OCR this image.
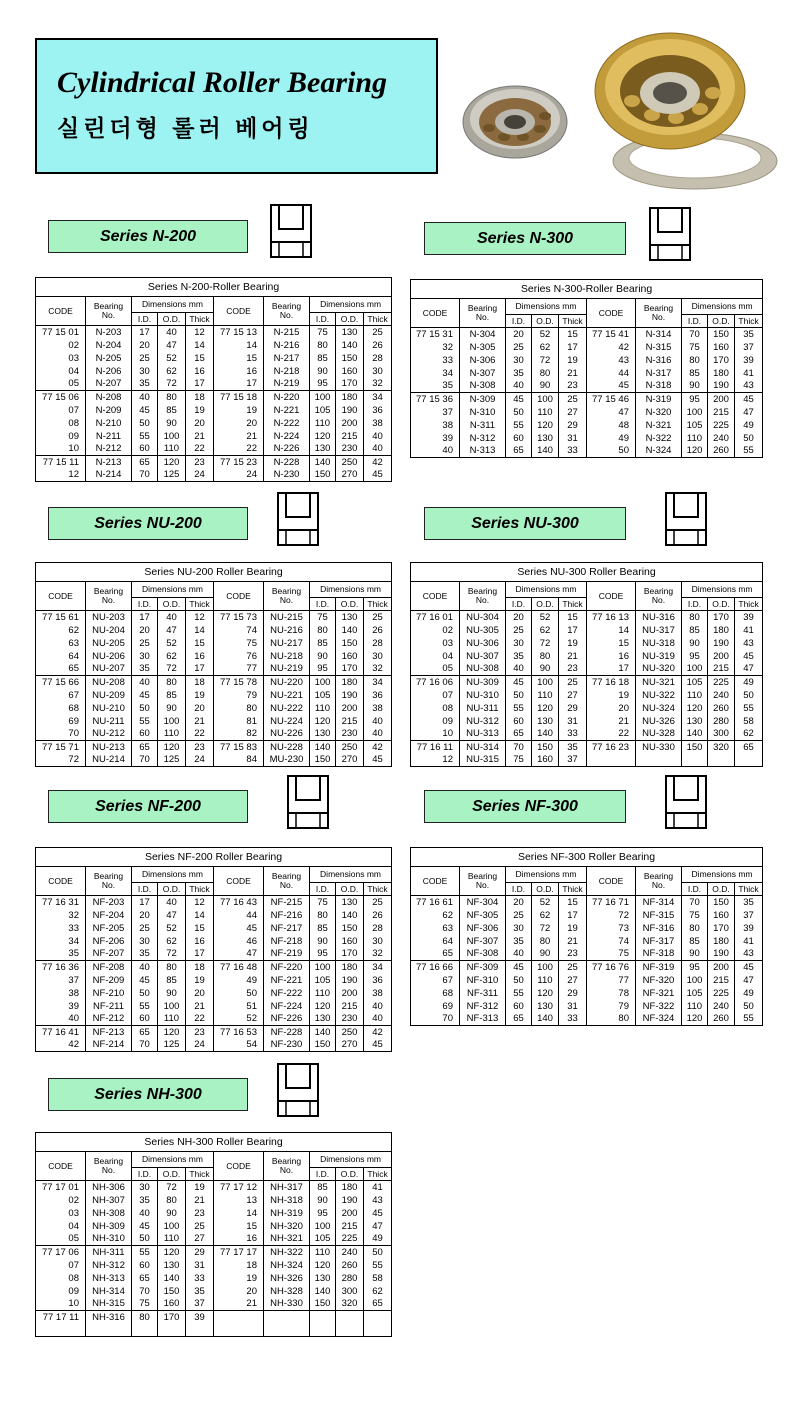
Cylindrical Roller Bearing
실린더형 롤러 베어링
Series N-200	Series N-300
Series NU-200	Series NU-300
Series NF-200	Series NF-300
Series NH-300
Series N-200-Roller Bearing									
CODE	Bearing
No.	Dimensions mm			CODE	Bearing
No.	Dimensions mm		
		I.D.	O.D.	Thick			I.D.	O.D.	Thick
77 15 01	N-203	17	40	12	77 15 13	N-215	75	130	25
02	N-204	20	47	14	14	N-216	80	140	26
03	N-205	25	52	15	15	N-217	85	150	28
04	N-206	30	62	16	16	N-218	90	160	30
05	N-207	35	72	17	17	N-219	95	170	32
77 15 06	N-208	40	80	18	77 15 18	N-220	100	180	34
07	N-209	45	85	19	19	N-221	105	190	36
08	N-210	50	90	20	20	N-222	110	200	38
09	N-211	55	100	21	21	N-224	120	215	40
10	N-212	60	110	22	22	N-226	130	230	40
77 15 11	N-213	65	120	23	77 15 23	N-228	140	250	42
12	N-214	70	125	24	24	N-230	150	270	45
Series N-300-Roller Bearing									
CODE	Bearing
No.	Dimensions mm			CODE	Bearing
No.	Dimensions mm		
		I.D.	O.D.	Thick			I.D.	O.D.	Thick
77 15 31	N-304	20	52	15	77 15 41	N-314	70	150	35
32	N-305	25	62	17	42	N-315	75	160	37
33	N-306	30	72	19	43	N-316	80	170	39
34	N-307	35	80	21	44	N-317	85	180	41
35	N-308	40	90	23	45	N-318	90	190	43
77 15 36	N-309	45	100	25	77 15 46	N-319	95	200	45
37	N-310	50	110	27	47	N-320	100	215	47
38	N-311	55	120	29	48	N-321	105	225	49
39	N-312	60	130	31	49	N-322	110	240	50
40	N-313	65	140	33	50	N-324	120	260	55
Series NU-200 Roller Bearing									
CODE	Bearing
No.	Dimensions mm			CODE	Bearing
No.	Dimensions mm		
		I.D.	O.D.	Thick			I.D.	O.D.	Thick
77 15 61	NU-203	17	40	12	77 15 73	NU-215	75	130	25
62	NU-204	20	47	14	74	NU-216	80	140	26
63	NU-205	25	52	15	75	NU-217	85	150	28
64	NU-206	30	62	16	76	NU-218	90	160	30
65	NU-207	35	72	17	77	NU-219	95	170	32
77 15 66	NU-208	40	80	18	77 15 78	NU-220	100	180	34
67	NU-209	45	85	19	79	NU-221	105	190	36
68	NU-210	50	90	20	80	NU-222	110	200	38
69	NU-211	55	100	21	81	NU-224	120	215	40
70	NU-212	60	110	22	82	NU-226	130	230	40
77 15 71	NU-213	65	120	23	77 15 83	NU-228	140	250	42
72	NU-214	70	125	24	84	MU-230	150	270	45
Series NU-300 Roller Bearing									
CODE	Bearing
No.	Dimensions mm			CODE	Bearing
No.	Dimensions mm		
		I.D.	O.D.	Thick			I.D.	O.D.	Thick
77 16 01	NU-304	20	52	15	77 16 13	NU-316	80	170	39
02	NU-305	25	62	17	14	NU-317	85	180	41
03	NU-306	30	72	19	15	NU-318	90	190	43
04	NU-307	35	80	21	16	NU-319	95	200	45
05	NU-308	40	90	23	17	NU-320	100	215	47
77 16 06	NU-309	45	100	25	77 16 18	NU-321	105	225	49
07	NU-310	50	110	27	19	NU-322	110	240	50
08	NU-311	55	120	29	20	NU-324	120	260	55
09	NU-312	60	130	31	21	NU-326	130	280	58
10	NU-313	65	140	33	22	NU-328	140	300	62
77 16 11	NU-314	70	150	35	77 16 23	NU-330	150	320	65
12	NU-315	75	160	37					
Series NF-200 Roller Bearing									
CODE	Bearing
No.	Dimensions mm			CODE	Bearing
No.	Dimensions mm		
		I.D.	O.D.	Thick			I.D.	O.D.	Thick
77 16 31	NF-203	17	40	12	77 16 43	NF-215	75	130	25
32	NF-204	20	47	14	44	NF-216	80	140	26
33	NF-205	25	52	15	45	NF-217	85	150	28
34	NF-206	30	62	16	46	NF-218	90	160	30
35	NF-207	35	72	17	47	NF-219	95	170	32
77 16 36	NF-208	40	80	18	77 16 48	NF-220	100	180	34
37	NF-209	45	85	19	49	NF-221	105	190	36
38	NF-210	50	90	20	50	NF-222	110	200	38
39	NF-211	55	100	21	51	NF-224	120	215	40
40	NF-212	60	110	22	52	NF-226	130	230	40
77 16 41	NF-213	65	120	23	77 16 53	NF-228	140	250	42
42	NF-214	70	125	24	54	NF-230	150	270	45
Series NF-300 Roller Bearing									
CODE	Bearing
No.	Dimensions mm			CODE	Bearing
No.	Dimensions mm		
		I.D.	O.D.	Thick			I.D.	O.D.	Thick
77 16 61	NF-304	20	52	15	77 16 71	NF-314	70	150	35
62	NF-305	25	62	17	72	NF-315	75	160	37
63	NF-306	30	72	19	73	NF-316	80	170	39
64	NF-307	35	80	21	74	NF-317	85	180	41
65	NF-308	40	90	23	75	NF-318	90	190	43
77 16 66	NF-309	45	100	25	77 16 76	NF-319	95	200	45
67	NF-310	50	110	27	77	NF-320	100	215	47
68	NF-311	55	120	29	78	NF-321	105	225	49
69	NF-312	60	130	31	79	NF-322	110	240	50
70	NF-313	65	140	33	80	NF-324	120	260	55
Series NH-300 Roller Bearing									
CODE	Bearing
No.	Dimensions mm			CODE	Bearing
No.	Dimensions mm		
		I.D.	O.D.	Thick			I.D.	O.D.	Thick
77 17 01	NH-306	30	72	19	77 17 12	NH-317	85	180	41
02	NH-307	35	80	21	13	NH-318	90	190	43
03	NH-308	40	90	23	14	NH-319	95	200	45
04	NH-309	45	100	25	15	NH-320	100	215	47
05	NH-310	50	110	27	16	NH-321	105	225	49
77 17 06	NH-311	55	120	29	77 17 17	NH-322	110	240	50
07	NH-312	60	130	31	18	NH-324	120	260	55
08	NH-313	65	140	33	19	NH-326	130	280	58
09	NH-314	70	150	35	20	NH-328	140	300	62
10	NH-315	75	160	37	21	NH-330	150	320	65
77 17 11	NH-316	80	170	39					
